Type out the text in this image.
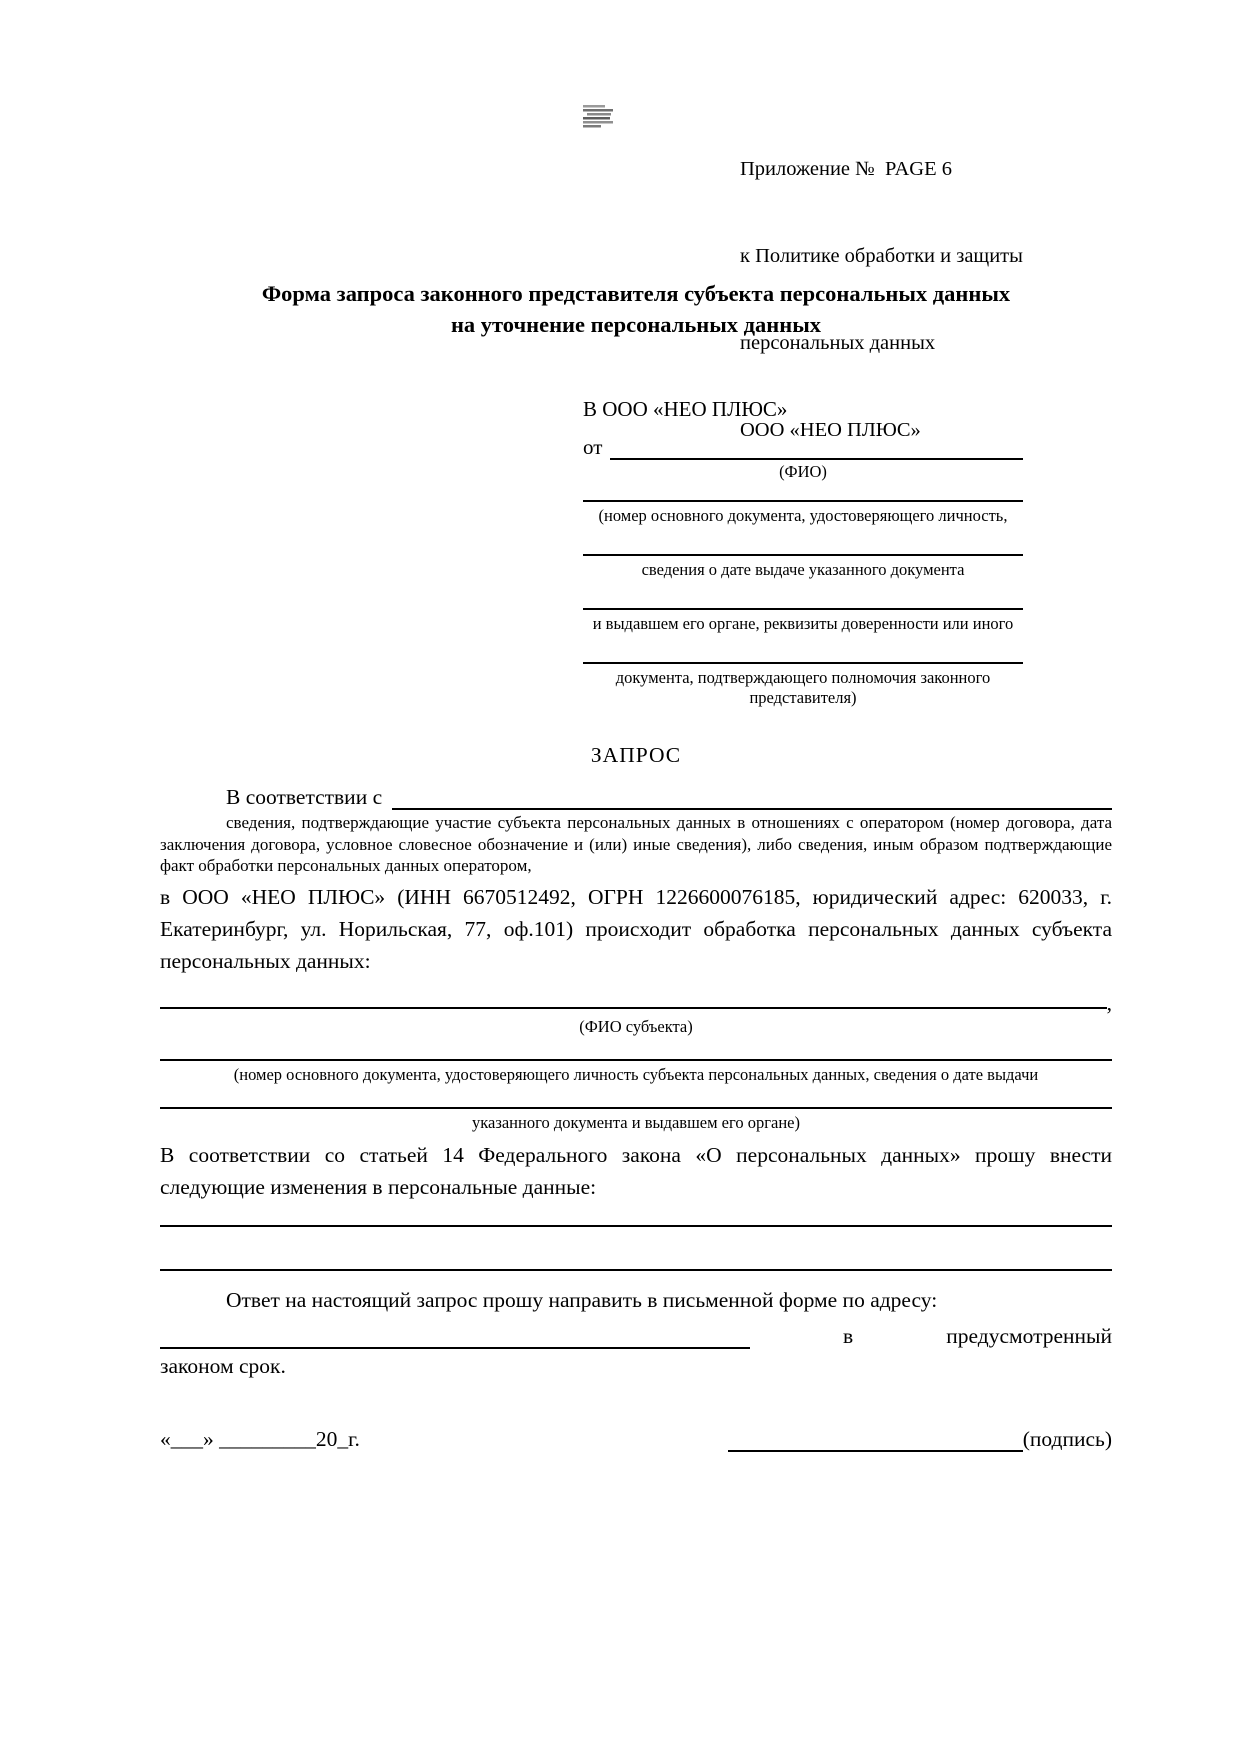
Приложение №  PAGE 6

к Политике обработки и защиты

персональных данных

ООО «НЕО ПЛЮС»

Форма запроса законного представителя субъекта персональных данных
на уточнение персональных данных
В ООО «НЕО ПЛЮС»
от
(ФИО)
(номер основного документа, удостоверяющего личность,
сведения о дате выдаче указанного документа
и выдавшем его органе, реквизиты доверенности или иного
документа, подтверждающего полномочия законного представителя)
ЗАПРОС
В соответствии с
сведения, подтверждающие участие субъекта персональных данных в отношениях с оператором (номер договора, дата заключения договора, условное словесное обозначение и (или) иные сведения), либо сведения, иным образом подтверждающие факт обработки персональных данных оператором,
в ООО «НЕО ПЛЮС» (ИНН 6670512492, ОГРН 1226600076185, юридический адрес: 620033, г. Екатеринбург, ул. Норильская, 77, оф.101) происходит обработка персональных данных субъекта персональных данных:
,
(ФИО субъекта)
(номер основного документа, удостоверяющего личность субъекта персональных данных, сведения о дате выдачи
указанного документа и выдавшем его органе)
В соответствии со статьей 14 Федерального закона «О персональных данных» прошу внести следующие изменения в персональные данные:
Ответ на настоящий запрос прошу направить в письменной форме по адресу:
в	предусмотренный
законом срок.
«___» _________20_г.	(подпись)
